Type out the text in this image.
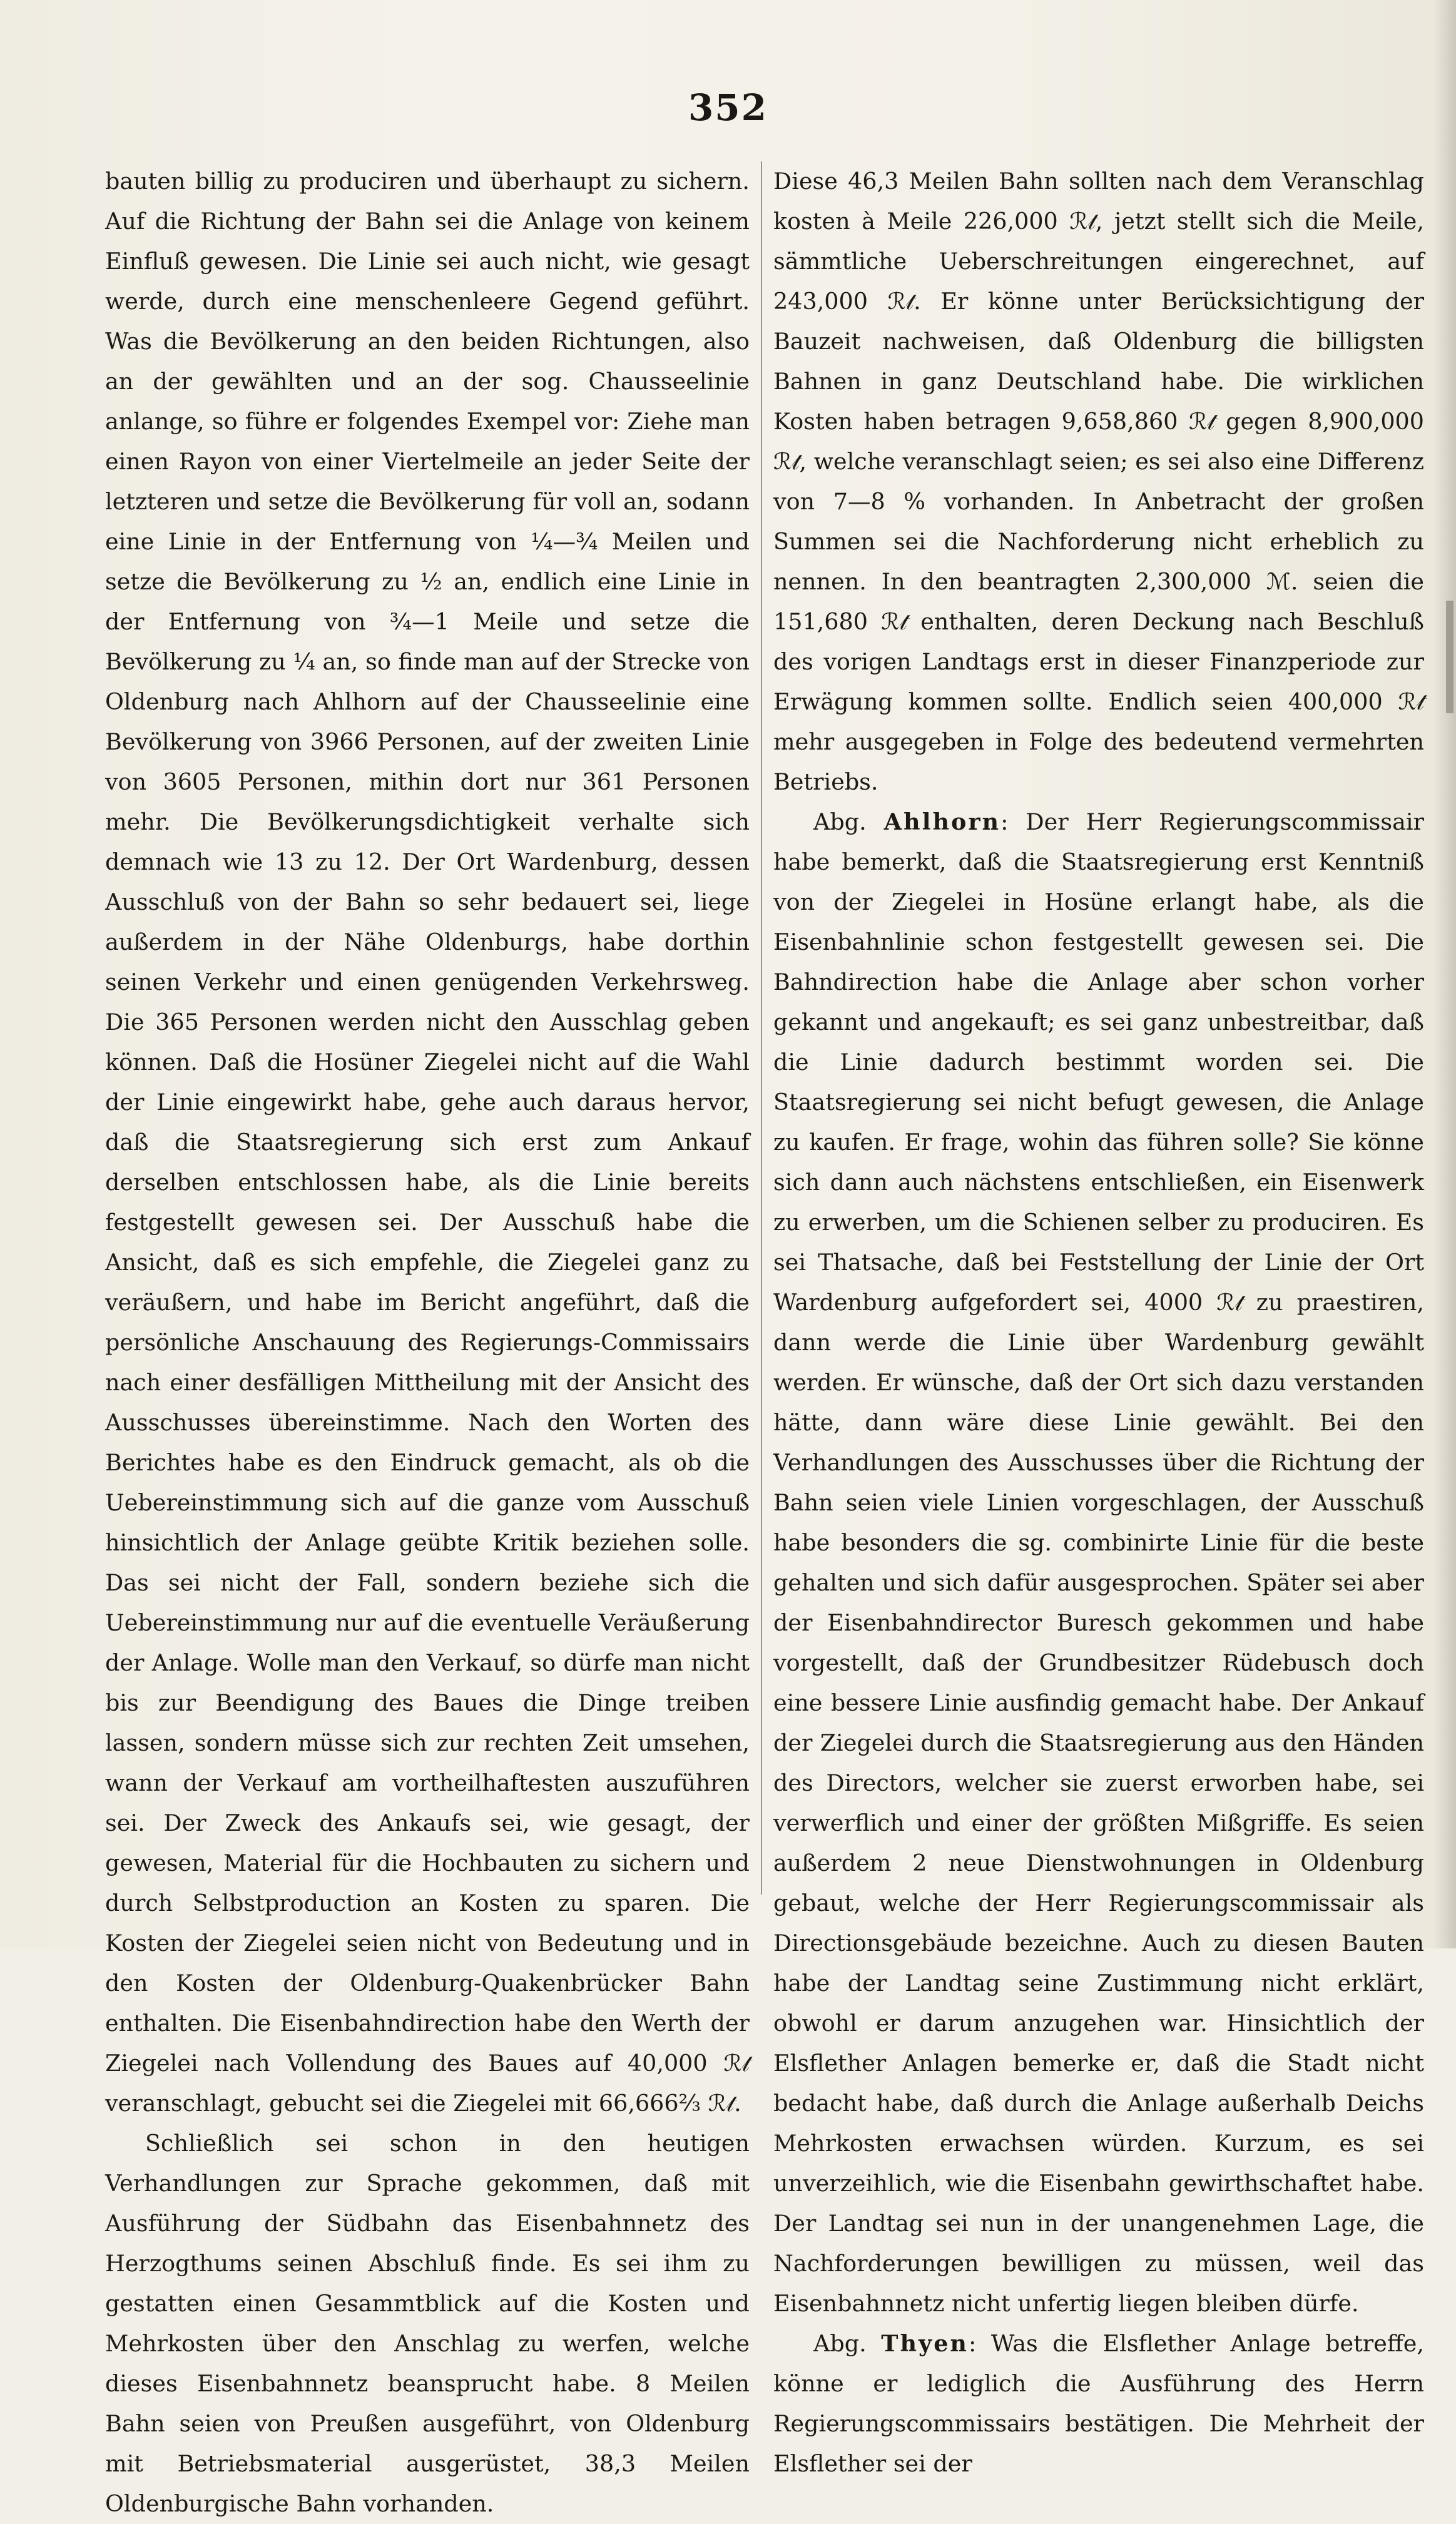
352

bauten billig zu produciren und überhaupt zu sichern. Auf die Richtung der Bahn sei die Anlage von keinem Einfluß gewesen. Die Linie sei auch nicht, wie gesagt werde, durch eine menschenleere Gegend geführt. Was die Bevölkerung an den beiden Richtungen, also an der gewählten und an der sog. Chausseelinie anlange, so führe er folgendes Exempel vor: Ziehe man einen Rayon von einer Viertelmeile an jeder Seite der letzteren und setze die Bevölkerung für voll an, sodann eine Linie in der Entfernung von ¼—¾ Meilen und setze die Bevölkerung zu ½ an, endlich eine Linie in der Entfernung von ¾—1 Meile und setze die Bevölkerung zu ¼ an, so finde man auf der Strecke von Oldenburg nach Ahlhorn auf der Chausseelinie eine Bevölkerung von 3966 Personen, auf der zweiten Linie von 3605 Personen, mithin dort nur 361 Personen mehr. Die Bevölkerungsdichtigkeit verhalte sich demnach wie 13 zu 12. Der Ort Wardenburg, dessen Ausschluß von der Bahn so sehr bedauert sei, liege außerdem in der Nähe Oldenburgs, habe dorthin seinen Verkehr und einen genügenden Verkehrsweg. Die 365 Personen werden nicht den Ausschlag geben können. Daß die Hosüner Ziegelei nicht auf die Wahl der Linie eingewirkt habe, gehe auch daraus hervor, daß die Staatsregierung sich erst zum Ankauf derselben entschlossen habe, als die Linie bereits festgestellt gewesen sei. Der Ausschuß habe die Ansicht, daß es sich empfehle, die Ziegelei ganz zu veräußern, und habe im Bericht angeführt, daß die persönliche Anschauung des Regierungs-Commissairs nach einer desfälligen Mittheilung mit der Ansicht des Ausschusses übereinstimme. Nach den Worten des Berichtes habe es den Eindruck gemacht, als ob die Uebereinstimmung sich auf die ganze vom Ausschuß hinsichtlich der Anlage geübte Kritik beziehen solle. Das sei nicht der Fall, sondern beziehe sich die Uebereinstimmung nur auf die eventuelle Veräußerung der Anlage. Wolle man den Verkauf, so dürfe man nicht bis zur Beendigung des Baues die Dinge treiben lassen, sondern müsse sich zur rechten Zeit umsehen, wann der Verkauf am vortheilhaftesten auszuführen sei. Der Zweck des Ankaufs sei, wie gesagt, der gewesen, Material für die Hochbauten zu sichern und durch Selbstproduction an Kosten zu sparen. Die Kosten der Ziegelei seien nicht von Bedeutung und in den Kosten der Oldenburg-Quakenbrücker Bahn enthalten. Die Eisenbahndirection habe den Werth der Ziegelei nach Vollendung des Baues auf 40,000 ℛ𝓉 veranschlagt, gebucht sei die Ziegelei mit 66,666⅔ ℛ𝓉.

Schließlich sei schon in den heutigen Verhandlungen zur Sprache gekommen, daß mit Ausführung der Südbahn das Eisenbahnnetz des Herzogthums seinen Abschluß finde. Es sei ihm zu gestatten einen Gesammtblick auf die Kosten und Mehrkosten über den Anschlag zu werfen, welche dieses Eisenbahnnetz beansprucht habe. 8 Meilen Bahn seien von Preußen ausgeführt, von Oldenburg mit Betriebsmaterial ausgerüstet, 38,3 Meilen Oldenburgische Bahn vorhanden.

Diese 46,3 Meilen Bahn sollten nach dem Veranschlag kosten à Meile 226,000 ℛ𝓉, jetzt stellt sich die Meile, sämmtliche Ueberschreitungen eingerechnet, auf 243,000 ℛ𝓉. Er könne unter Berücksichtigung der Bauzeit nachweisen, daß Oldenburg die billigsten Bahnen in ganz Deutschland habe. Die wirklichen Kosten haben betragen 9,658,860 ℛ𝓉 gegen 8,900,000 ℛ𝓉, welche veranschlagt seien; es sei also eine Differenz von 7—8 % vorhanden. In Anbetracht der großen Summen sei die Nachforderung nicht erheblich zu nennen. In den beantragten 2,300,000 ℳ. seien die 151,680 ℛ𝓉 enthalten, deren Deckung nach Beschluß des vorigen Landtags erst in dieser Finanzperiode zur Erwägung kommen sollte. Endlich seien 400,000 ℛ𝓉 mehr ausgegeben in Folge des bedeutend vermehrten Betriebs.

Abg. Ahlhorn: Der Herr Regierungscommissair habe bemerkt, daß die Staatsregierung erst Kenntniß von der Ziegelei in Hosüne erlangt habe, als die Eisenbahnlinie schon festgestellt gewesen sei. Die Bahndirection habe die Anlage aber schon vorher gekannt und angekauft; es sei ganz unbestreitbar, daß die Linie dadurch bestimmt worden sei. Die Staatsregierung sei nicht befugt gewesen, die Anlage zu kaufen. Er frage, wohin das führen solle? Sie könne sich dann auch nächstens entschließen, ein Eisenwerk zu erwerben, um die Schienen selber zu produciren. Es sei Thatsache, daß bei Feststellung der Linie der Ort Wardenburg aufgefordert sei, 4000 ℛ𝓉 zu praestiren, dann werde die Linie über Wardenburg gewählt werden. Er wünsche, daß der Ort sich dazu verstanden hätte, dann wäre diese Linie gewählt. Bei den Verhandlungen des Ausschusses über die Richtung der Bahn seien viele Linien vorgeschlagen, der Ausschuß habe besonders die sg. combinirte Linie für die beste gehalten und sich dafür ausgesprochen. Später sei aber der Eisenbahndirector Buresch gekommen und habe vorgestellt, daß der Grundbesitzer Rüdebusch doch eine bessere Linie ausfindig gemacht habe. Der Ankauf der Ziegelei durch die Staatsregierung aus den Händen des Directors, welcher sie zuerst erworben habe, sei verwerflich und einer der größten Mißgriffe. Es seien außerdem 2 neue Dienstwohnungen in Oldenburg gebaut, welche der Herr Regierungscommissair als Directionsgebäude bezeichne. Auch zu diesen Bauten habe der Landtag seine Zustimmung nicht erklärt, obwohl er darum anzugehen war. Hinsichtlich der Elsflether Anlagen bemerke er, daß die Stadt nicht bedacht habe, daß durch die Anlage außerhalb Deichs Mehrkosten erwachsen würden. Kurzum, es sei unverzeihlich, wie die Eisenbahn gewirthschaftet habe. Der Landtag sei nun in der unangenehmen Lage, die Nachforderungen bewilligen zu müssen, weil das Eisenbahnnetz nicht unfertig liegen bleiben dürfe.

Abg. Thyen: Was die Elsflether Anlage betreffe, könne er lediglich die Ausführung des Herrn Regierungscommissairs bestätigen. Die Mehrheit der Elsflether sei der
